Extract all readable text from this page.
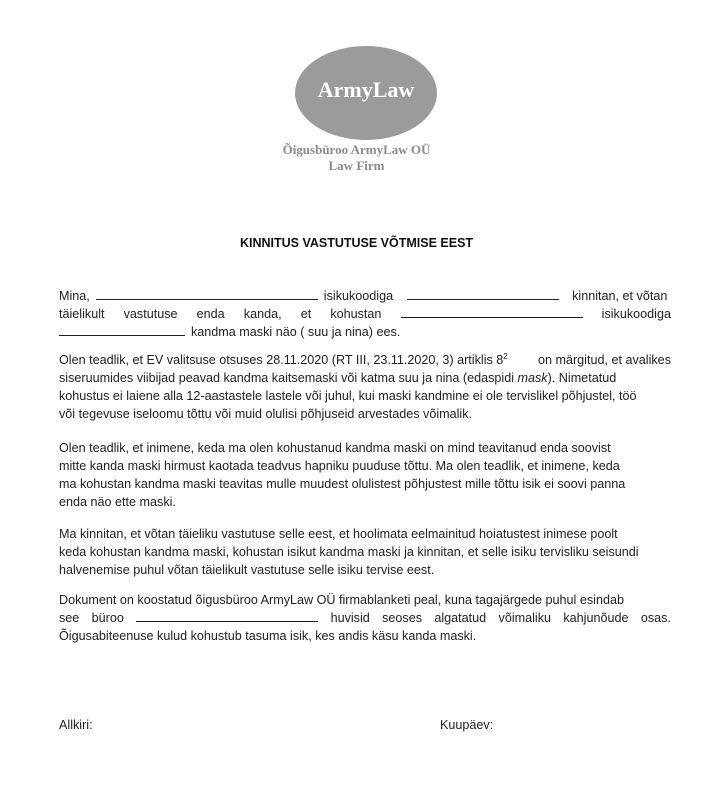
ArmyLaw
Õigusbüroo ArmyLaw OÜ
Law Firm
KINNITUS VASTUTUSE VÕTMISE EEST
Mina,	isikukoodiga	kinnitan, et võtan
täielikult vastutuse enda kanda, et kohustan	isikukoodiga
kandma maski näo ( suu ja nina) ees.
Olen teadlik, et EV valitsuse otsuses 28.11.2020 (RT III, 23.11.2020, 3) artiklis $8^2$ on märgitud, et avalikes
siseruumides viibijad peavad kandma kaitsemaski või katma suu ja nina (edaspidi
mask ). Nimetatud
kohustus ei laiene alla 12-aastastele lastele või juhul, kui maski kandmine ei ole tervislikel põhjustel, töö
või tegevuse iseloomu tõttu või muid olulisi põhjuseid arvestades võimalik.
Olen teadlik, et inimene, keda ma olen kohustanud kandma maski on mind teavitanud enda soovist
mitte kanda maski hirmust kaotada teadvus hapniku puuduse tõttu. Ma olen teadlik, et inimene, keda
ma kohustan kandma maski teavitas mulle muudest olulistest põhjustest mille tõttu isik ei soovi panna
enda näo ette maski.
Ma kinnitan, et võtan täieliku vastutuse selle eest, et hoolimata eelmainitud hoiatustest inimese poolt
keda kohustan kandma maski, kohustan isikut kandma maski ja kinnitan, et selle isiku tervisliku seisundi
halvenemise puhul võtan täielikult vastutuse selle isiku tervise eest.
Dokument on koostatud õigusbüroo ArmyLaw OÜ firmablanketi peal, kuna tagajärgede puhul esindab
see büroo	huvisid seoses algatatud võimaliku kahjunõude osas.
Õigusabiteenuse kulud kohustub tasuma isik, kes andis käsu kanda maski.
Allkiri:	Kuupäev:
